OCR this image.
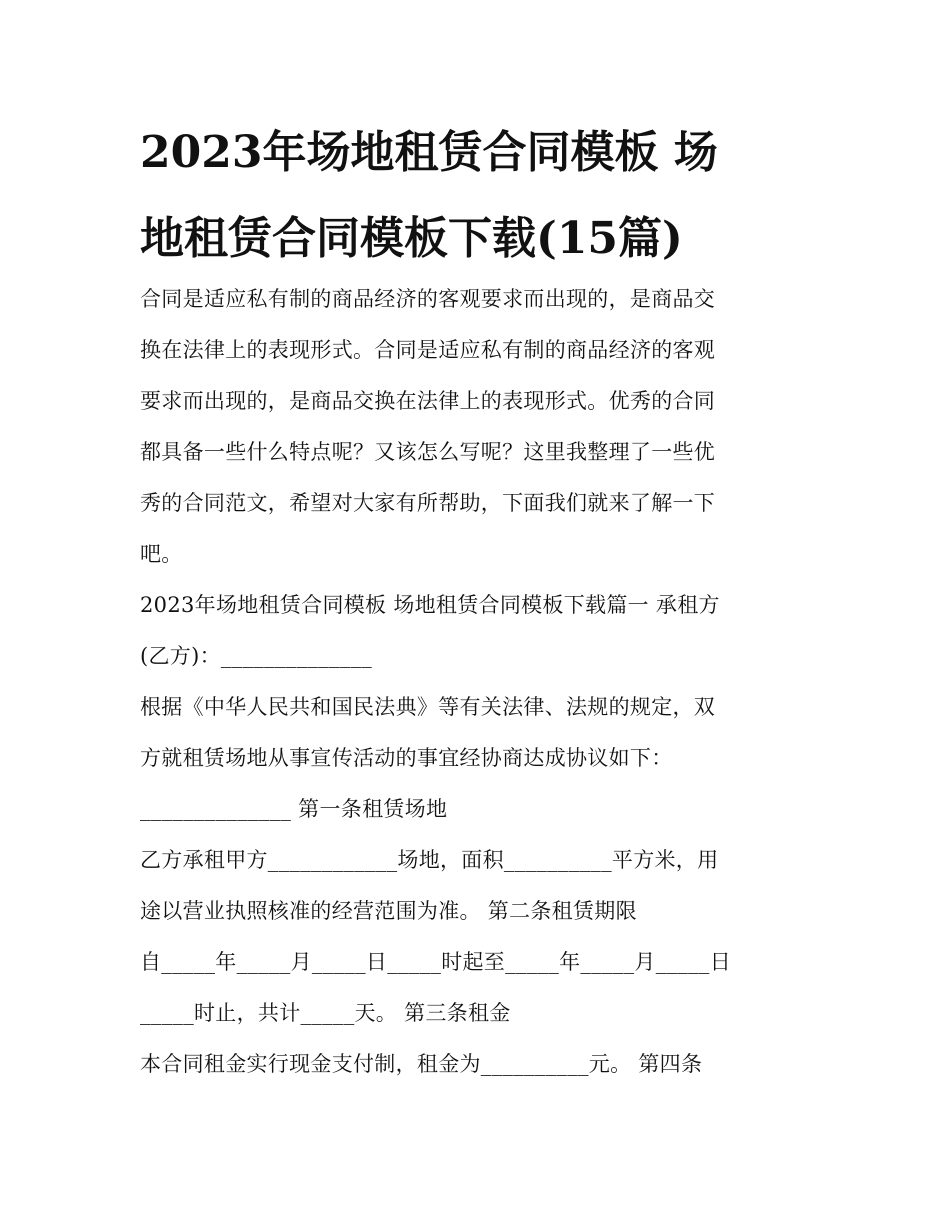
2023年场地租赁合同模板 场
地租赁合同模板下载(15篇)
合同是适应私有制的商品经济的客观要求而出现的，是商品交
换在法律上的表现形式。合同是适应私有制的商品经济的客观
要求而出现的，是商品交换在法律上的表现形式。优秀的合同
都具备一些什么特点呢？又该怎么写呢？这里我整理了一些优
秀的合同范文，希望对大家有所帮助，下面我们就来了解一下
吧。
2023年场地租赁合同模板 场地租赁合同模板下载篇一 承租方
(乙方)：______________
根据《中华人民共和国民法典》等有关法律、法规的规定，双
方就租赁场地从事宣传活动的事宜经协商达成协议如下：
______________ 第一条租赁场地
乙方承租甲方____________场地，面积__________平方米，用
途以营业执照核准的经营范围为准。 第二条租赁期限
自_____年_____月_____日_____时起至_____年_____月_____日
_____时止，共计_____天。 第三条租金
本合同租金实行现金支付制，租金为__________元。 第四条
